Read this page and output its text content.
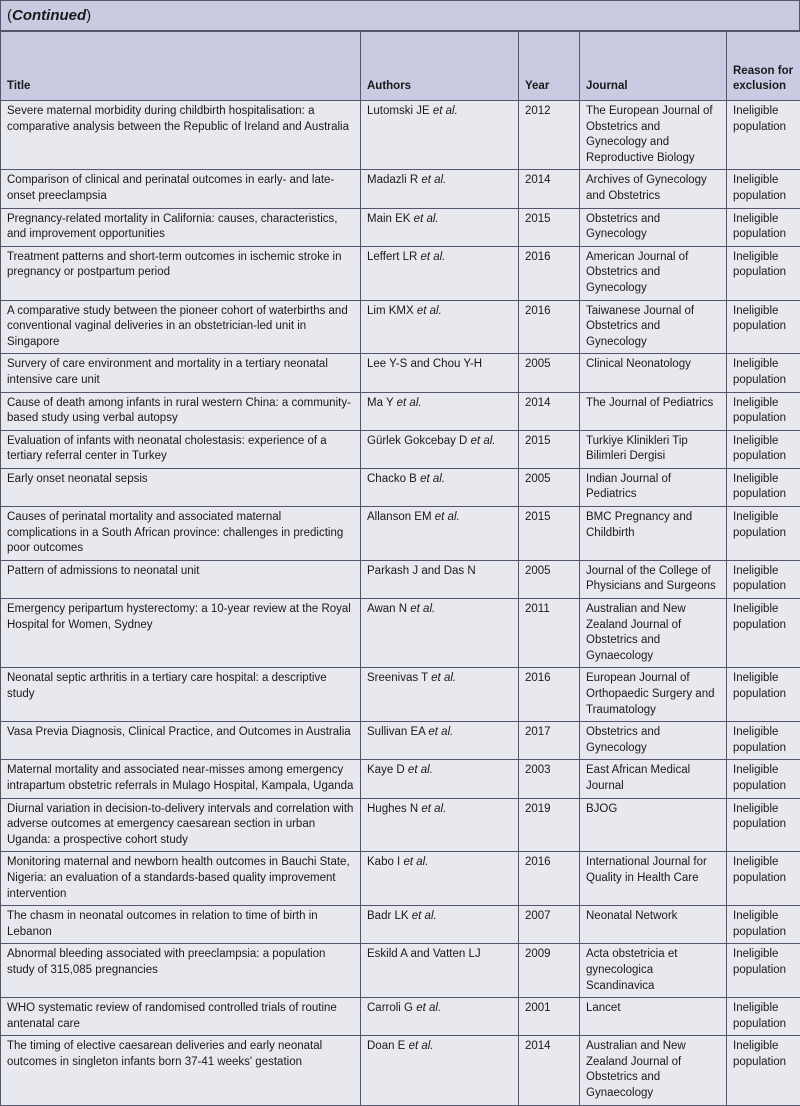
(Continued)
Title	Authors	Year	Journal	Reason for exclusion
Severe maternal morbidity during childbirth hospitalisation: a comparative analysis between the Republic of Ireland and Australia	Lutomski JE et al.	2012	The European Journal of Obstetrics and Gynecology and Reproductive Biology	Ineligible population
Comparison of clinical and perinatal outcomes in early- and late-onset preeclampsia	Madazli R et al.	2014	Archives of Gynecology and Obstetrics	Ineligible population
Pregnancy-related mortality in California: causes, characteristics, and improvement opportunities	Main EK et al.	2015	Obstetrics and Gynecology	Ineligible population
Treatment patterns and short-term outcomes in ischemic stroke in pregnancy or postpartum period	Leffert LR et al.	2016	American Journal of Obstetrics and Gynecology	Ineligible population
A comparative study between the pioneer cohort of waterbirths and conventional vaginal deliveries in an obstetrician-led unit in Singapore	Lim KMX et al.	2016	Taiwanese Journal of Obstetrics and Gynecology	Ineligible population
Survery of care environment and mortality in a tertiary neonatal intensive care unit	Lee Y-S and Chou Y-H	2005	Clinical Neonatology	Ineligible population
Cause of death among infants in rural western China: a community-based study using verbal autopsy	Ma Y et al.	2014	The Journal of Pediatrics	Ineligible population
Evaluation of infants with neonatal cholestasis: experience of a tertiary referral center in Turkey	Gürlek Gokcebay D et al.	2015	Turkiye Klinikleri Tip Bilimleri Dergisi	Ineligible population
Early onset neonatal sepsis	Chacko B et al.	2005	Indian Journal of Pediatrics	Ineligible population
Causes of perinatal mortality and associated maternal complications in a South African province: challenges in predicting poor outcomes	Allanson EM et al.	2015	BMC Pregnancy and Childbirth	Ineligible population
Pattern of admissions to neonatal unit	Parkash J and Das N	2005	Journal of the College of Physicians and Surgeons	Ineligible population
Emergency peripartum hysterectomy: a 10-year review at the Royal Hospital for Women, Sydney	Awan N et al.	2011	Australian and New Zealand Journal of Obstetrics and Gynaecology	Ineligible population
Neonatal septic arthritis in a tertiary care hospital: a descriptive study	Sreenivas T et al.	2016	European Journal of Orthopaedic Surgery and Traumatology	Ineligible population
Vasa Previa Diagnosis, Clinical Practice, and Outcomes in Australia	Sullivan EA et al.	2017	Obstetrics and Gynecology	Ineligible population
Maternal mortality and associated near-misses among emergency intrapartum obstetric referrals in Mulago Hospital, Kampala, Uganda	Kaye D et al.	2003	East African Medical Journal	Ineligible population
Diurnal variation in decision-to-delivery intervals and correlation with adverse outcomes at emergency caesarean section in urban Uganda: a prospective cohort study	Hughes N et al.	2019	BJOG	Ineligible population
Monitoring maternal and newborn health outcomes in Bauchi State, Nigeria: an evaluation of a standards-based quality improvement intervention	Kabo I et al.	2016	International Journal for Quality in Health Care	Ineligible population
The chasm in neonatal outcomes in relation to time of birth in Lebanon	Badr LK et al.	2007	Neonatal Network	Ineligible population
Abnormal bleeding associated with preeclampsia: a population study of 315,085 pregnancies	Eskild A and Vatten LJ	2009	Acta obstetricia et gynecologica Scandinavica	Ineligible population
WHO systematic review of randomised controlled trials of routine antenatal care	Carroli G et al.	2001	Lancet	Ineligible population
The timing of elective caesarean deliveries and early neonatal outcomes in singleton infants born 37-41 weeks' gestation	Doan E et al.	2014	Australian and New Zealand Journal of Obstetrics and Gynaecology	Ineligible population
